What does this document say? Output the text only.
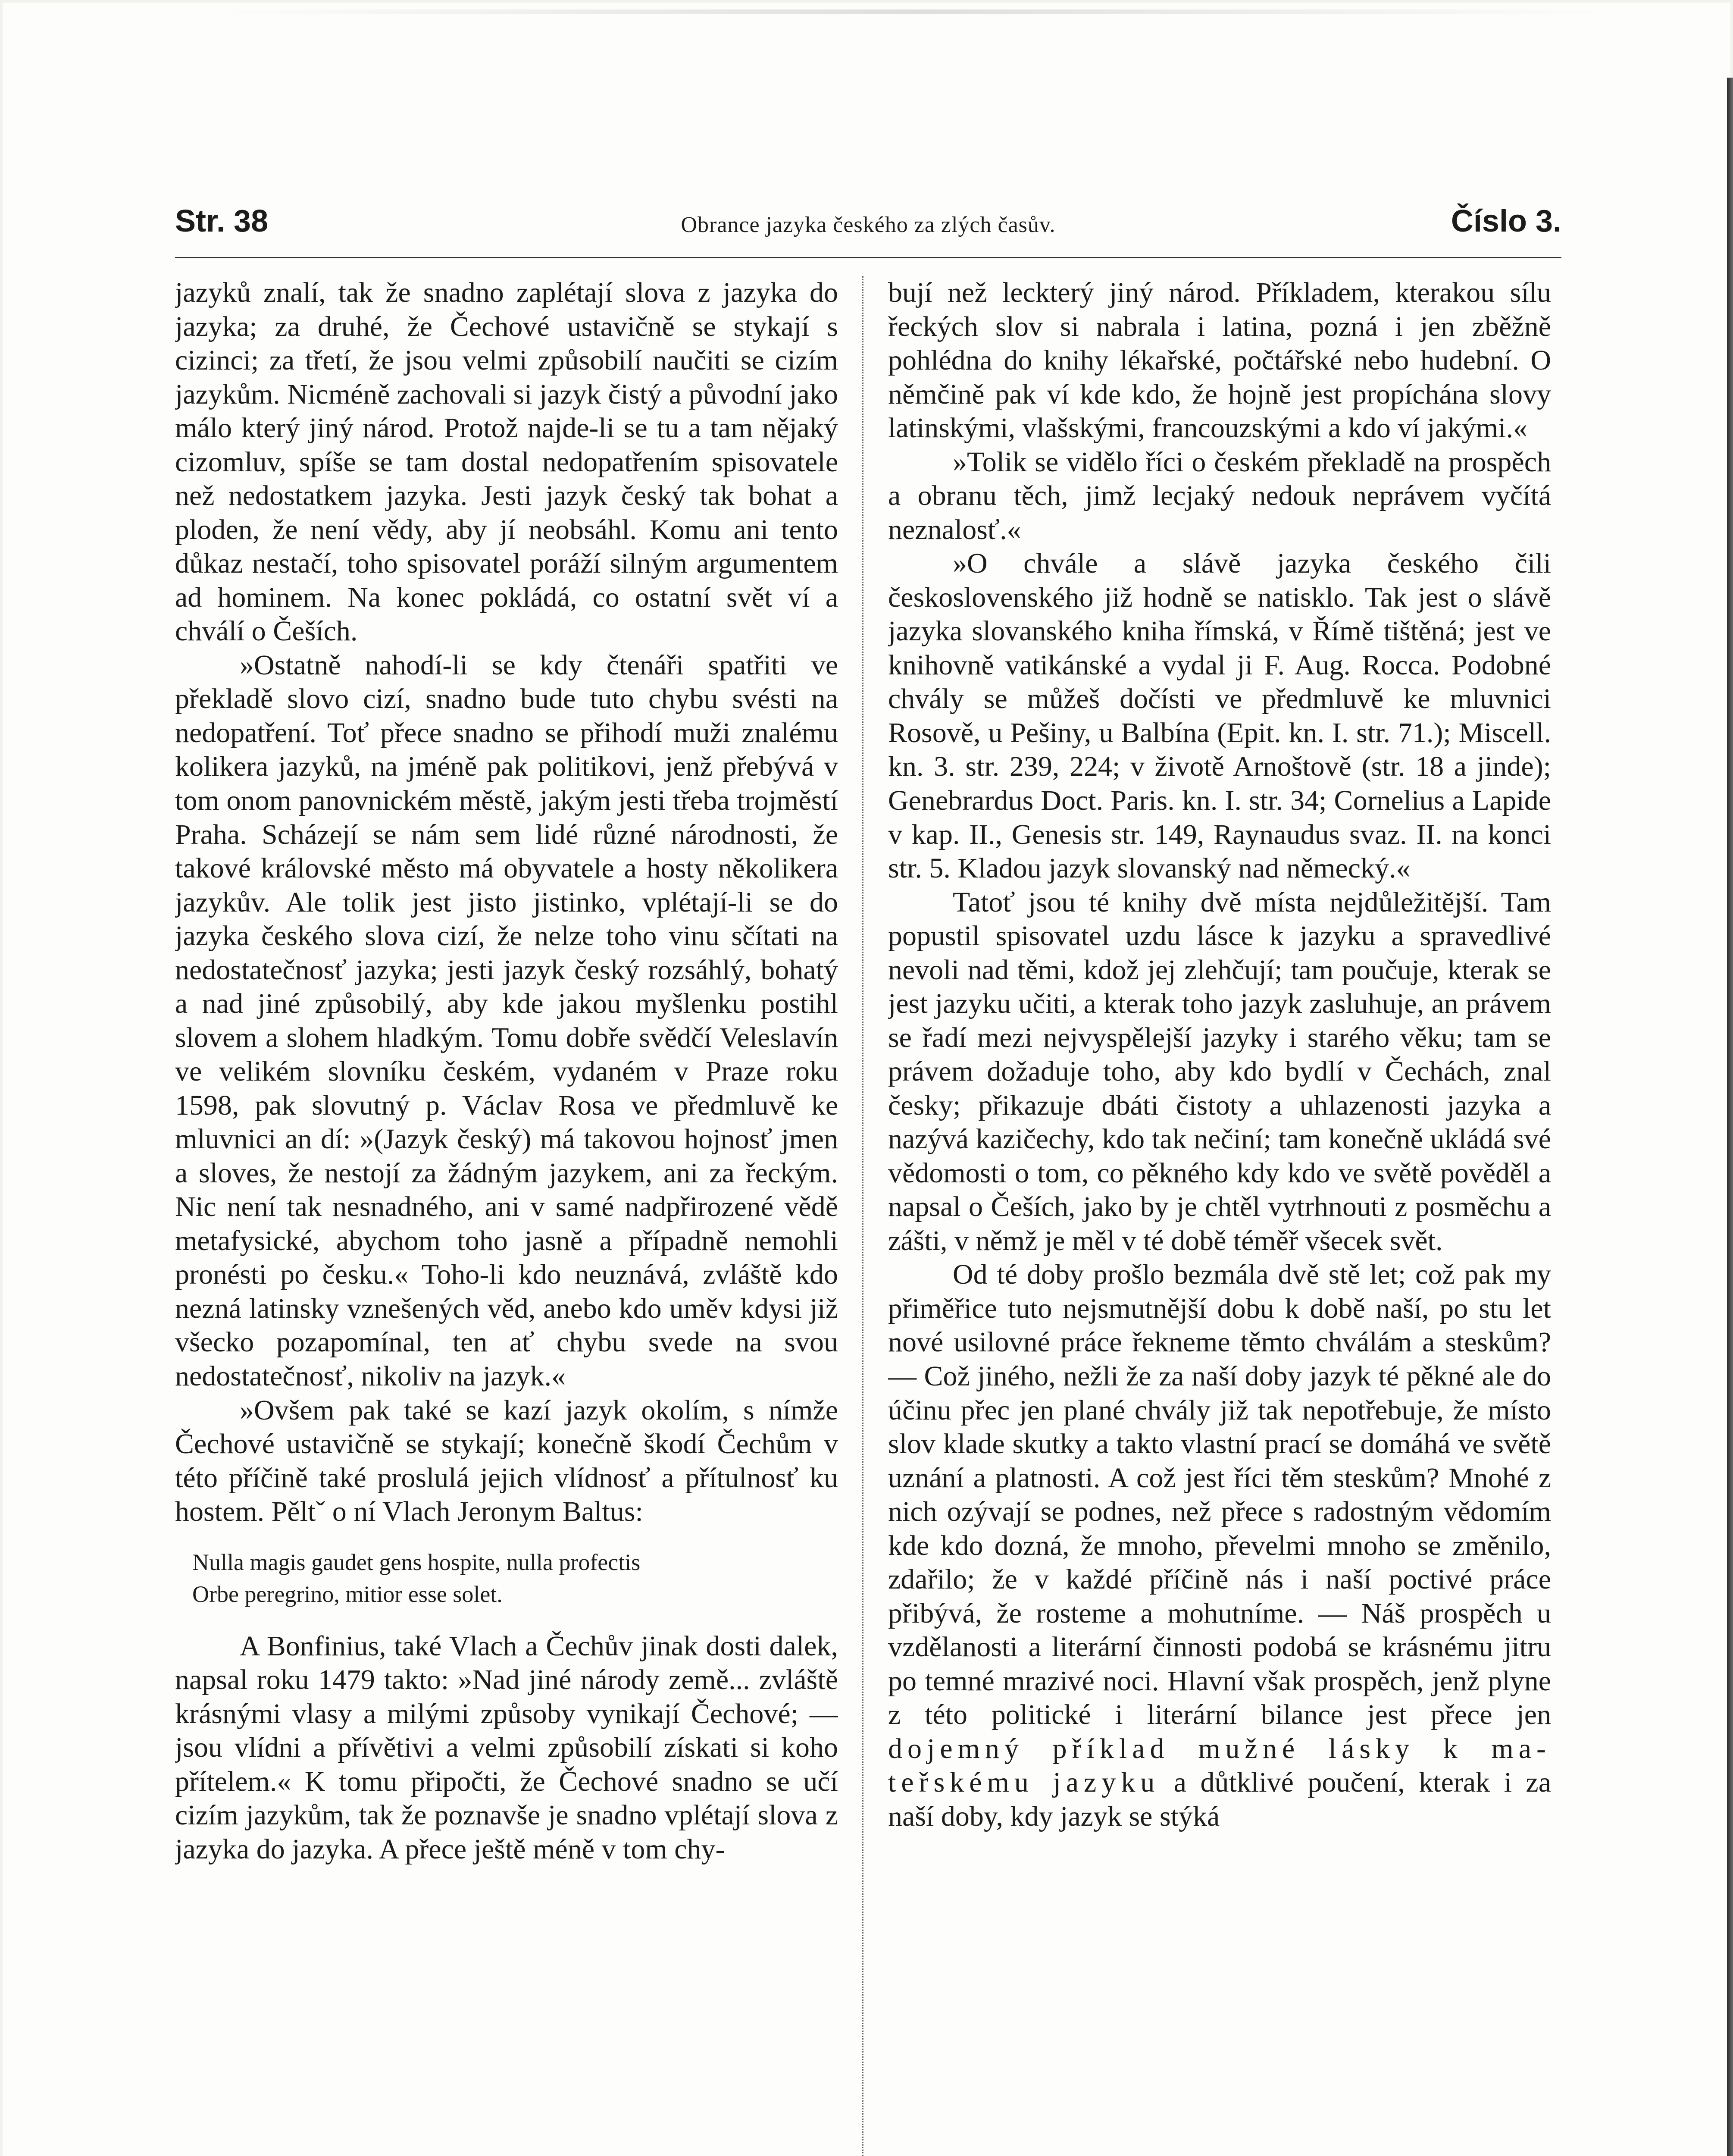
Str. 38	Obrance jazyka českého za zlých časův.	Číslo 3.

jazyků znalí, tak že snadno zaplétají slova z jazyka do jazyka; za druhé, že Čechové ustavičně se stykají s cizinci; za třetí, že jsou velmi způsobilí naučiti se cizím jazykům. Nicméně zachovali si jazyk čistý a původní jako málo který jiný národ. Protož najde-li se tu a tam nějaký cizomluv, spíše se tam dostal nedopatřením spisovatele než nedostatkem jazyka. Jesti jazyk český tak bohat a ploden, že není vědy, aby jí neobsáhl. Komu ani tento důkaz nestačí, toho spisovatel poráží silným argumentem ad hominem. Na konec pokládá, co ostatní svět ví a chválí o Češích.

»Ostatně nahodí-li se kdy čtenáři spatřiti ve překladě slovo cizí, snadno bude tuto chybu svésti na nedopatření. Toť přece snadno se přihodí muži znalému kolikera jazyků, na jméně pak politikovi, jenž přebývá v tom onom panovnickém městě, jakým jesti třeba trojměstí Praha. Scházejí se nám sem lidé různé národnosti, že takové královské město má obyvatele a hosty několikera jazykův. Ale tolik jest jisto jistinko, vplétají-li se do jazyka českého slova cizí, že nelze toho vinu sčítati na nedostatečnosť jazyka; jesti jazyk český rozsáhlý, bohatý a nad jiné způsobilý, aby kde jakou myšlenku postihl slovem a slohem hladkým. Tomu dobře svědčí Veleslavín ve velikém slovníku českém, vydaném v Praze roku 1598, pak slovutný p. Václav Rosa ve předmluvě ke mluvnici an dí: »(Jazyk český) má takovou hojnosť jmen a sloves, že nestojí za žádným jazykem, ani za řeckým. Nic není tak nesnadného, ani v samé nadpřirozené vědě metafysické, abychom toho jasně a případně nemohli pronésti po česku.« Toho-li kdo neuznává, zvláště kdo nezná latinsky vznešených věd, anebo kdo uměv kdysi již všecko pozapomínal, ten ať chybu svede na svou nedostatečnosť, nikoliv na jazyk.«

»Ovšem pak také se kazí jazyk okolím, s nímže Čechové ustavičně se stykají; konečně škodí Čechům v této příčině také proslulá jejich vlídnosť a přítulnosť ku hostem. Pěltˇ o ní Vlach Jeronym Baltus:

Nulla magis gaudet gens hospite, nulla profectis
Orbe peregrino, mitior esse solet.

A Bonfinius, také Vlach a Čechův jinak dosti dalek, napsal roku 1479 takto: »Nad jiné národy země... zvláště krásnými vlasy a milými způsoby vynikají Čechové; — jsou vlídni a přívětivi a velmi způsobilí získati si koho přítelem.« K tomu připočti, že Čechové snadno se učí cizím jazykům, tak že poznavše je snadno vplétají slova z jazyka do jazyka. A přece ještě méně v tom chy-

bují než leckterý jiný národ. Příkladem, kterakou sílu řeckých slov si nabrala i latina, pozná i jen zběžně pohlédna do knihy lékařské, počtářské nebo hudební. O němčině pak ví kde kdo, že hojně jest propíchána slovy latinskými, vlašskými, francouzskými a kdo ví jakými.«

»Tolik se vidělo říci o českém překladě na prospěch a obranu těch, jimž lecjaký nedouk neprávem vyčítá neznalosť.«

»O chvále a slávě jazyka českého čili československého již hodně se natisklo. Tak jest o slávě jazyka slovanského kniha římská, v Římě tištěná; jest ve knihovně vatikánské a vydal ji F. Aug. Rocca. Podobné chvály se můžeš dočísti ve předmluvě ke mluvnici Rosově, u Pešiny, u Balbína (Epit. kn. I. str. 71.); Miscell. kn. 3. str. 239, 224; v životě Arnoštově (str. 18 a jinde); Genebrardus Doct. Paris. kn. I. str. 34; Cornelius a Lapide v kap. II., Genesis str. 149, Raynaudus svaz. II. na konci str. 5. Kladou jazyk slovanský nad německý.«

Tatoť jsou té knihy dvě místa nejdůležitější. Tam popustil spisovatel uzdu lásce k jazyku a spravedlivé nevoli nad těmi, kdož jej zlehčují; tam poučuje, kterak se jest jazyku učiti, a kterak toho jazyk zasluhuje, an právem se řadí mezi nejvyspělejší jazyky i starého věku; tam se právem dožaduje toho, aby kdo bydlí v Čechách, znal česky; přikazuje dbáti čistoty a uhlazenosti jazyka a nazývá kazičechy, kdo tak nečiní; tam konečně ukládá své vědomosti o tom, co pěkného kdy kdo ve světě pověděl a napsal o Češích, jako by je chtěl vytrhnouti z posměchu a zášti, v němž je měl v té době téměř všecek svět.

Od té doby prošlo bezmála dvě stě let; což pak my přiměřice tuto nejsmutnější dobu k době naší, po stu let nové usilovné práce řekneme těmto chválám a steskům? — Což jiného, nežli že za naší doby jazyk té pěkné ale do účinu přec jen plané chvály již tak nepotřebuje, že místo slov klade skutky a takto vlastní prací se domáhá ve světě uznání a platnosti. A což jest říci těm steskům? Mnohé z nich ozývají se podnes, než přece s radostným vědomím kde kdo dozná, že mnoho, převelmi mnoho se změnilo, zdařilo; že v každé příčině nás i naší poctivé práce přibývá, že rosteme a mohutníme. — Náš prospěch u vzdělanosti a literární činnosti podobá se krásnému jitru po temné mrazivé noci. Hlavní však prospěch, jenž plyne z této politické i literární bilance jest přece jen dojemný příklad mužné lásky k ma- teřskému jazyku a důtklivé poučení, kterak i za naší doby, kdy jazyk se stýká
